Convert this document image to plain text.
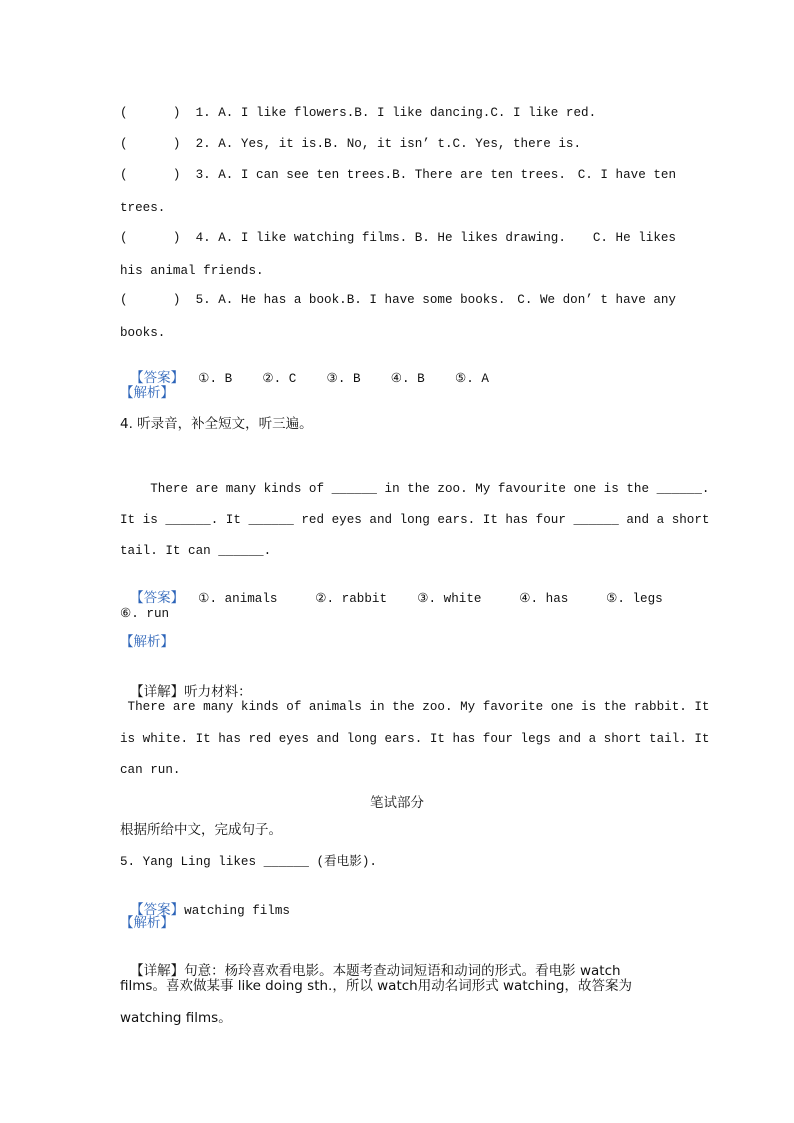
(      )  1. A. I like flowers.B. I like dancing.C. I like red.
(      )  2. A. Yes, it is.B. No, it isn’ t.C. Yes, there is.
(      )  3. A. I can see ten trees.B. There are ten trees. C. I have ten
trees.
(      )  4. A. I like watching films. B. He likes drawing. C. He likes
his animal friends.
(      )  5. A. He has a book.B. I have some books. C. We don’ t have any
books.

【答案】 ①. B    ②. C    ③. B    ④. B    ⑤. A

【解析】
4. 听录音，补全短文，听三遍。
There are many kinds of ______ in the zoo. My favourite one is the ______.
It is ______. It ______ red eyes and long ears. It has four ______ and a short
tail. It can ______.

【答案】 ①. animals     ②. rabbit    ③. white     ④. has     ⑤. legs

⑥. run
【解析】

【详解】听力材料：

There are many kinds of animals in the zoo. My favorite one is the rabbit. It
is white. It has red eyes and long ears. It has four legs and a short tail. It
can run.
笔试部分
根据所给中文，完成句子。
5. Yang Ling likes ______ (看电影).

【答案】watching films

【解析】

【详解】句意：杨玲喜欢看电影。本题考查动词短语和动词的形式。看电影 watch

films。喜欢做某事 like doing sth.，所以 watch用动名词形式 watching，故答案为
watching films。
